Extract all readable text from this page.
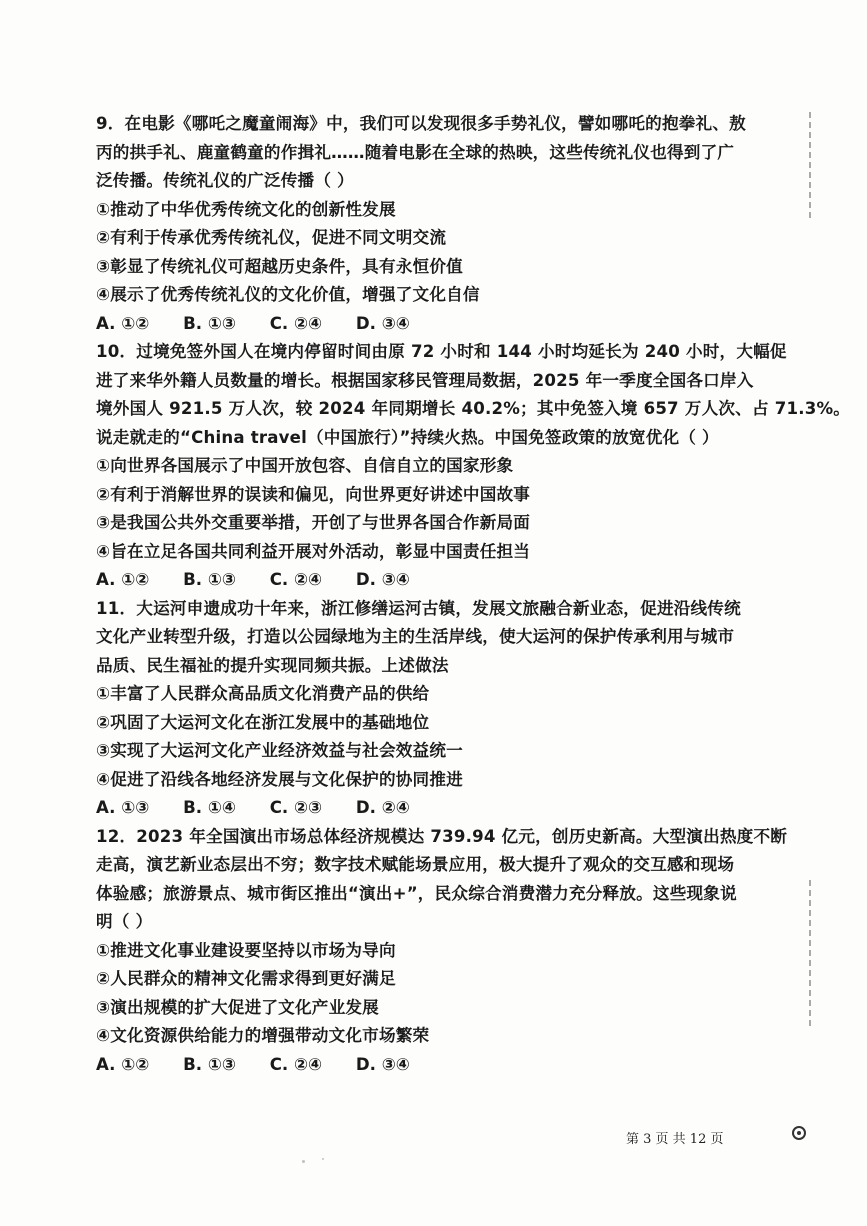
9．在电影《哪吒之魔童闹海》中，我们可以发现很多手势礼仪，譬如哪吒的抱拳礼、敖
丙的拱手礼、鹿童鹤童的作揖礼……随着电影在全球的热映，这些传统礼仪也得到了广
泛传播。传统礼仪的广泛传播（ ）
①推动了中华优秀传统文化的创新性发展
②有利于传承优秀传统礼仪，促进不同文明交流
③彰显了传统礼仪可超越历史条件，具有永恒价值
④展示了优秀传统礼仪的文化价值，增强了文化自信
A. ①② B. ①③ C. ②④ D. ③④
10．过境免签外国人在境内停留时间由原 72 小时和 144 小时均延长为 240 小时，大幅促
进了来华外籍人员数量的增长。根据国家移民管理局数据，2025 年一季度全国各口岸入
境外国人 921.5 万人次，较 2024 年同期增长 40.2%；其中免签入境 657 万人次、占 71.3%。
说走就走的“China travel（中国旅行）”持续火热。中国免签政策的放宽优化（ ）
①向世界各国展示了中国开放包容、自信自立的国家形象
②有利于消解世界的误读和偏见，向世界更好讲述中国故事
③是我国公共外交重要举措，开创了与世界各国合作新局面
④旨在立足各国共同利益开展对外活动，彰显中国责任担当
A. ①② B. ①③ C. ②④ D. ③④
11．大运河申遗成功十年来，浙江修缮运河古镇，发展文旅融合新业态，促进沿线传统
文化产业转型升级，打造以公园绿地为主的生活岸线，使大运河的保护传承利用与城市
品质、民生福祉的提升实现同频共振。上述做法
①丰富了人民群众高品质文化消费产品的供给
②巩固了大运河文化在浙江发展中的基础地位
③实现了大运河文化产业经济效益与社会效益统一
④促进了沿线各地经济发展与文化保护的协同推进
A. ①③ B. ①④ C. ②③ D. ②④
12．2023 年全国演出市场总体经济规模达 739.94 亿元，创历史新高。大型演出热度不断
走高，演艺新业态层出不穷；数字技术赋能场景应用，极大提升了观众的交互感和现场
体验感；旅游景点、城市街区推出“演出+”，民众综合消费潜力充分释放。这些现象说
明（ ）
①推进文化事业建设要坚持以市场为导向
②人民群众的精神文化需求得到更好满足
③演出规模的扩大促进了文化产业发展
④文化资源供给能力的增强带动文化市场繁荣
A. ①② B. ①③ C. ②④ D. ③④
第 3 页 共 12 页
